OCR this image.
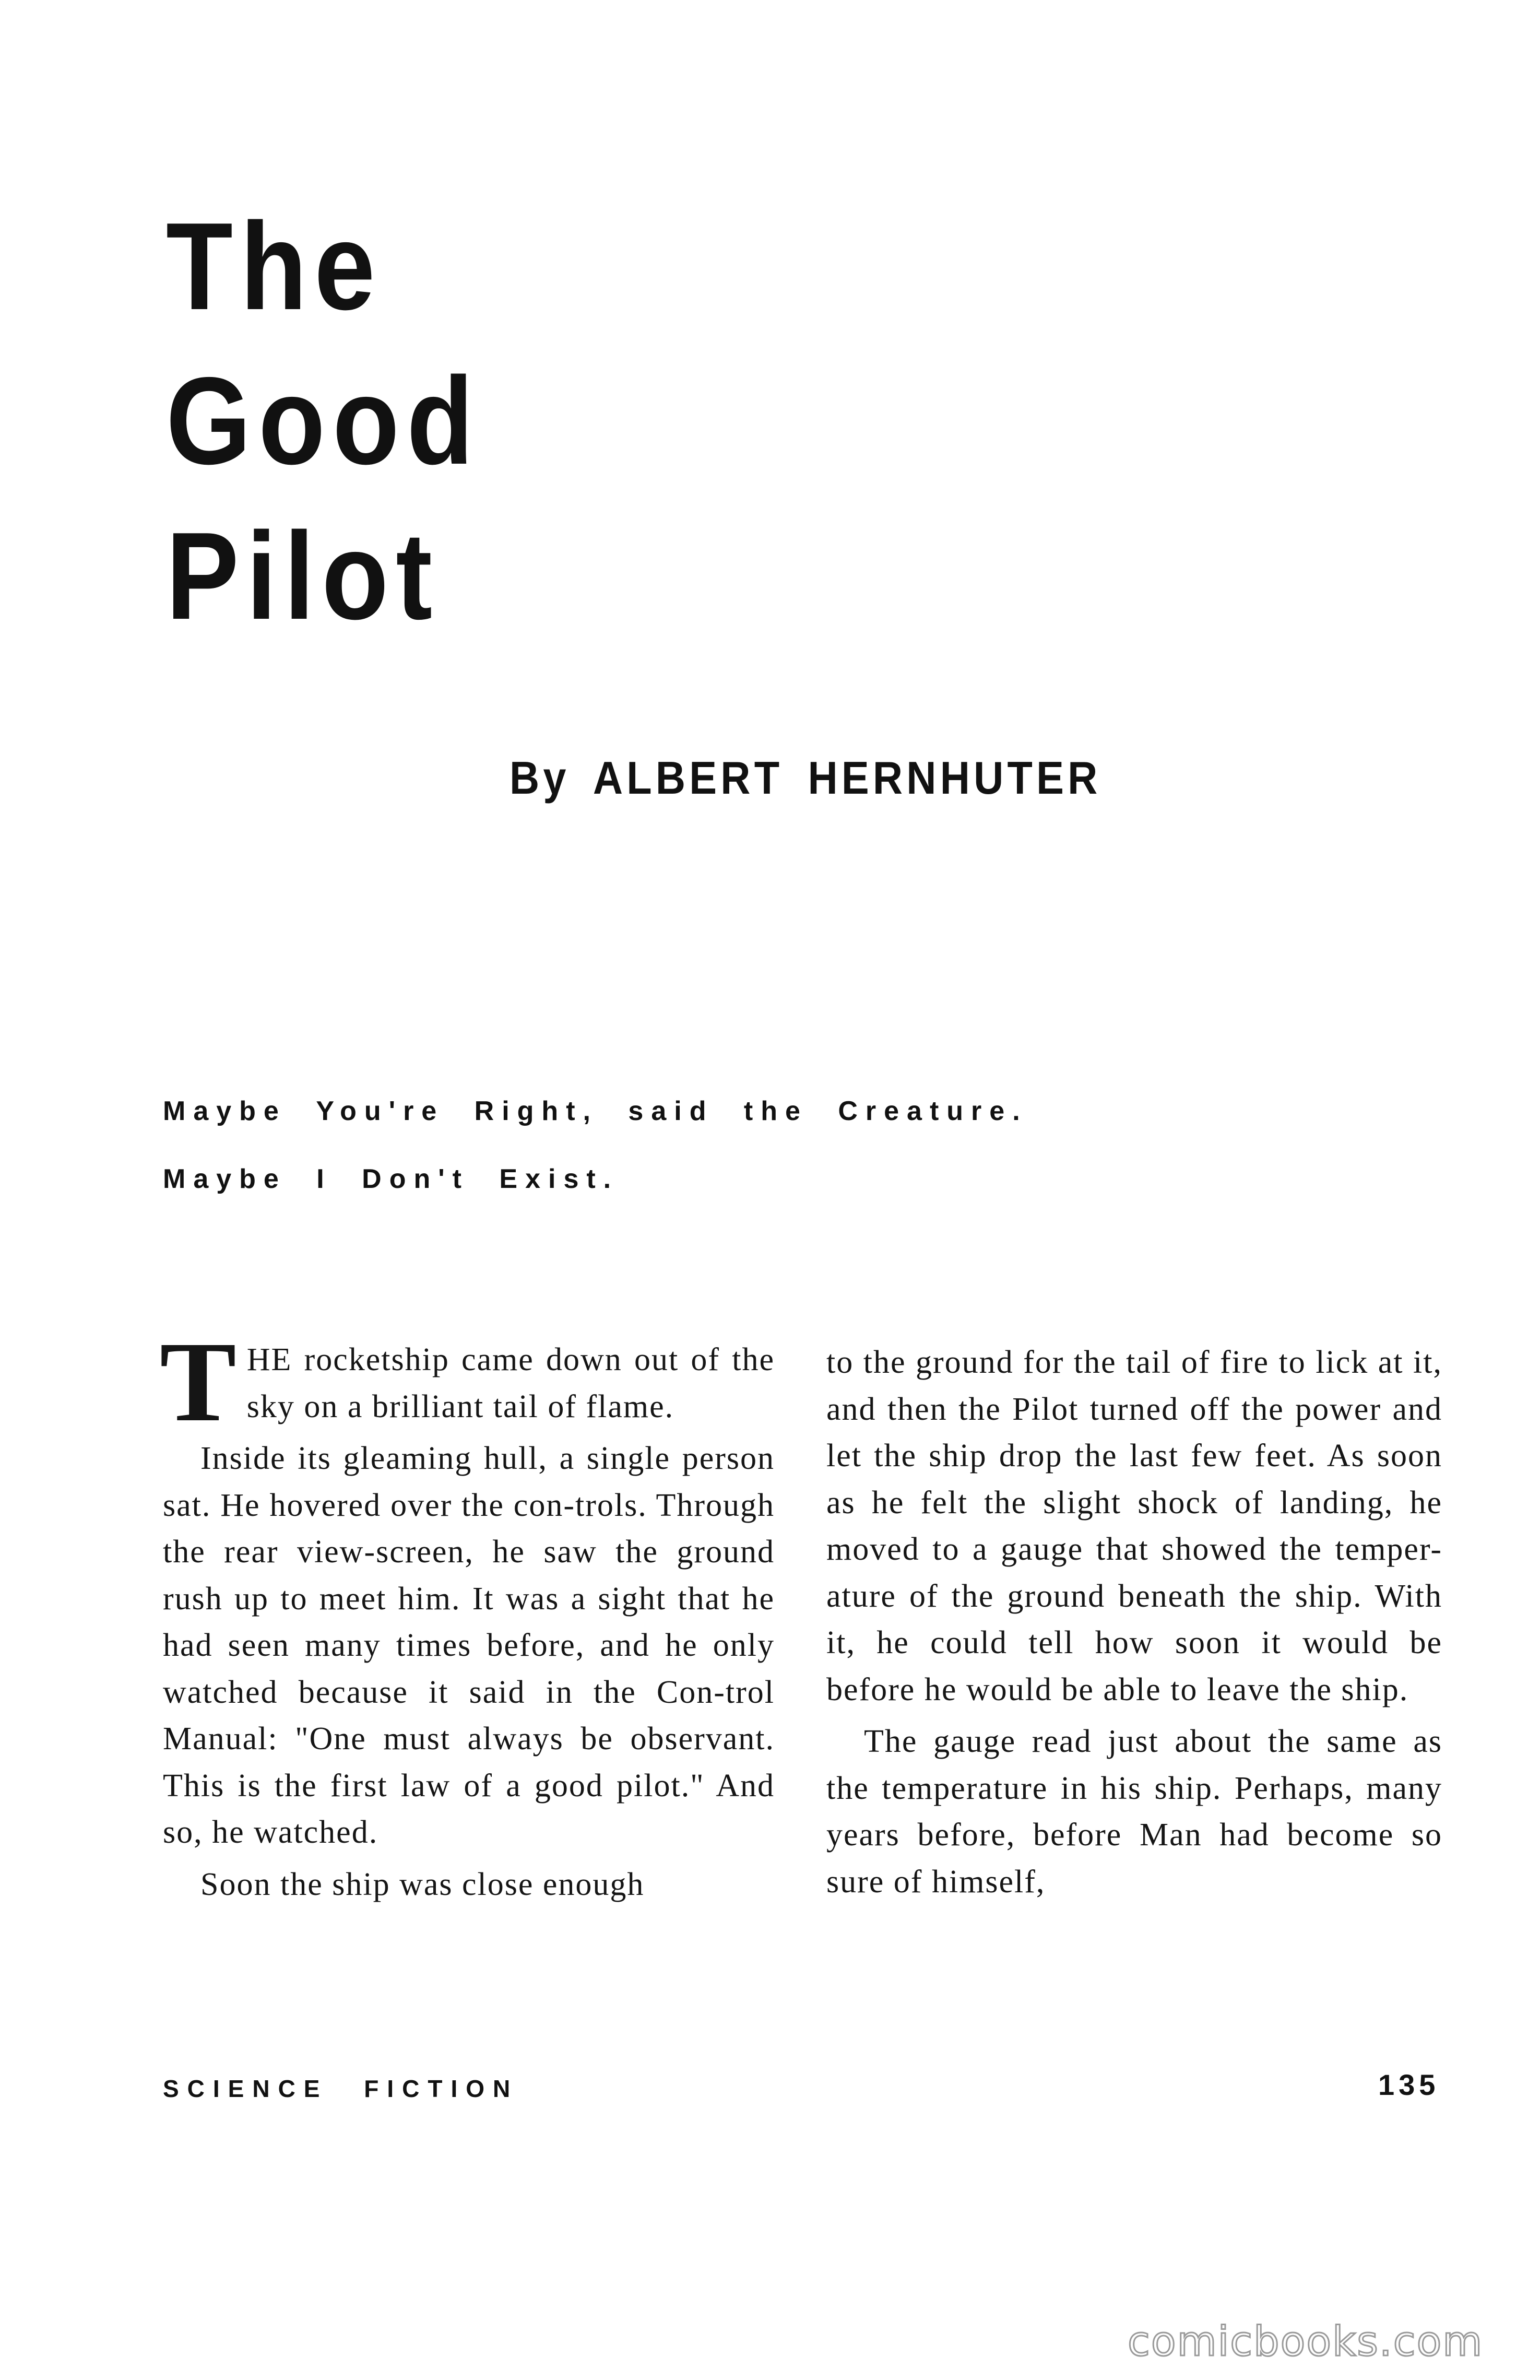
The
Good
Pilot
By ALBERT HERNHUTER
Maybe You're Right, said the Creature.
Maybe I Don't Exist.

THE rocketship came down out of the sky on a brilliant tail of flame.

Inside its gleaming hull, a single person sat. He hovered over the con-trols. Through the rear view-screen, he saw the ground rush up to meet him. It was a sight that he had seen many times before, and he only watched because it said in the Con-trol Manual: "One must always be observant. This is the first law of a good pilot." And so, he watched.

Soon the ship was close enough

to the ground for the tail of fire to lick at it, and then the Pilot turned off the power and let the ship drop the last few feet. As soon as he felt the slight shock of landing, he moved to a gauge that showed the temper-ature of the ground beneath the ship. With it, he could tell how soon it would be before he would be able to leave the ship.

The gauge read just about the same as the temperature in his ship. Perhaps, many years before, before Man had become so sure of himself,

SCIENCE FICTION	135
comicbooks.com
